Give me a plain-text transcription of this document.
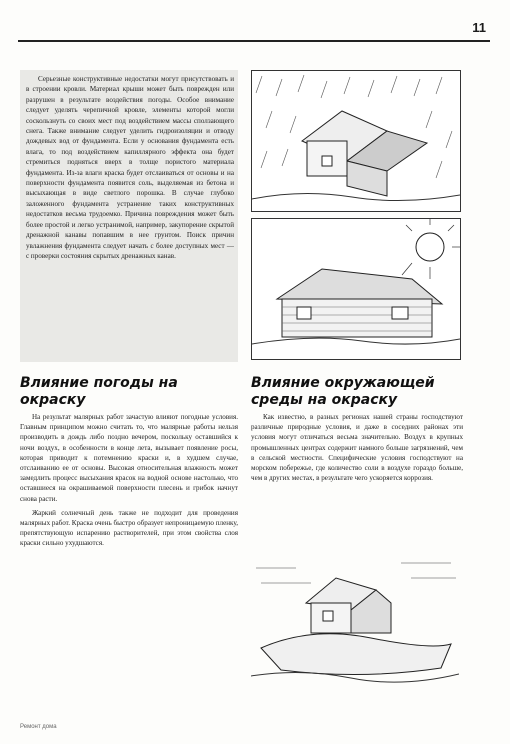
11

Серьезные конструктивные недостатки могут присутствовать и в строении кровли. Материал крыши может быть поврежден или разрушен в результате воздействия погоды. Особое внимание следует уделять черепичной кровле, элементы которой могли соскользнуть со своих мест под воздействием массы сползающего снега. Также внимание следует уделить гидроизоляции и отводу дождевых вод от фундамента. Если у основания фундамента есть влага, то под воздействием капиллярного эффекта она будет стремиться подняться вверх в толще пористого материала фундамента. Из-за влаги краска будет отслаиваться от основы и на поверхности фундамента появится соль, выделяемая из бетона и высыхающая в виде светлого порошка. В случае глубоко заложенного фундамента устранение таких конструктивных недостатков весьма трудоемко. Причина повреждения может быть более простой и легко устранимой, например, закупорение скрытой дренажной канавы попавшим в нее грунтом. Поиск причин увлажнения фундамента следует начать с более доступных мест — с проверки состояния скрытых дренажных канав.

Влияние погоды на окраску
Влияние окружающей среды на окраску

На результат малярных работ зачастую влияют погодные условия. Главным принципом можно считать то, что малярные работы нельзя производить в дождь либо поздно вечером, поскольку оставшийся к ночи воздух, в особенности в конце лета, вызывает появление росы, которая приводит к потемнению краски и, в худшем случае, отслаиванию ее от основы. Высокая относительная влажность может замедлить процесс высыхания красок на водной основе настолько, что оставшиеся на окрашиваемой поверхности плесень и грибок начнут снова расти.

Жаркий солнечный день также не подходит для проведения малярных работ. Краска очень быстро образует непроницаемую пленку, препятствующую испарению растворителей, при этом свойства слоя краски сильно ухудшаются.

Как известно, в разных регионах нашей страны господствуют различные природные условия, и даже в соседних районах эти условия могут отличаться весьма значительно. Воздух в крупных промышленных центрах содержит намного больше загрязнений, чем в сельской местности. Специфические условия господствуют на морском побережье, где количество соли в воздухе гораздо больше, чем в других местах, в результате чего ускоряется коррозия.

Ремонт дома
